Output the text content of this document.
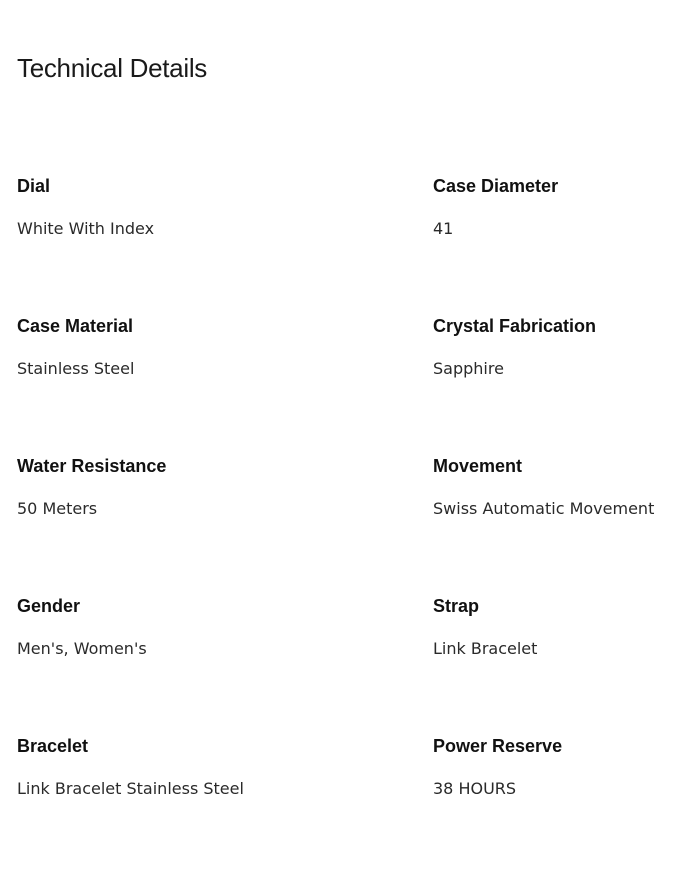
Technical Details
Dial
White With Index
Case Diameter
41
Case Material
Stainless Steel
Crystal Fabrication
Sapphire
Water Resistance
50 Meters
Movement
Swiss Automatic Movement
Gender
Men's, Women's
Strap
Link Bracelet
Bracelet
Link Bracelet Stainless Steel
Power Reserve
38 HOURS
